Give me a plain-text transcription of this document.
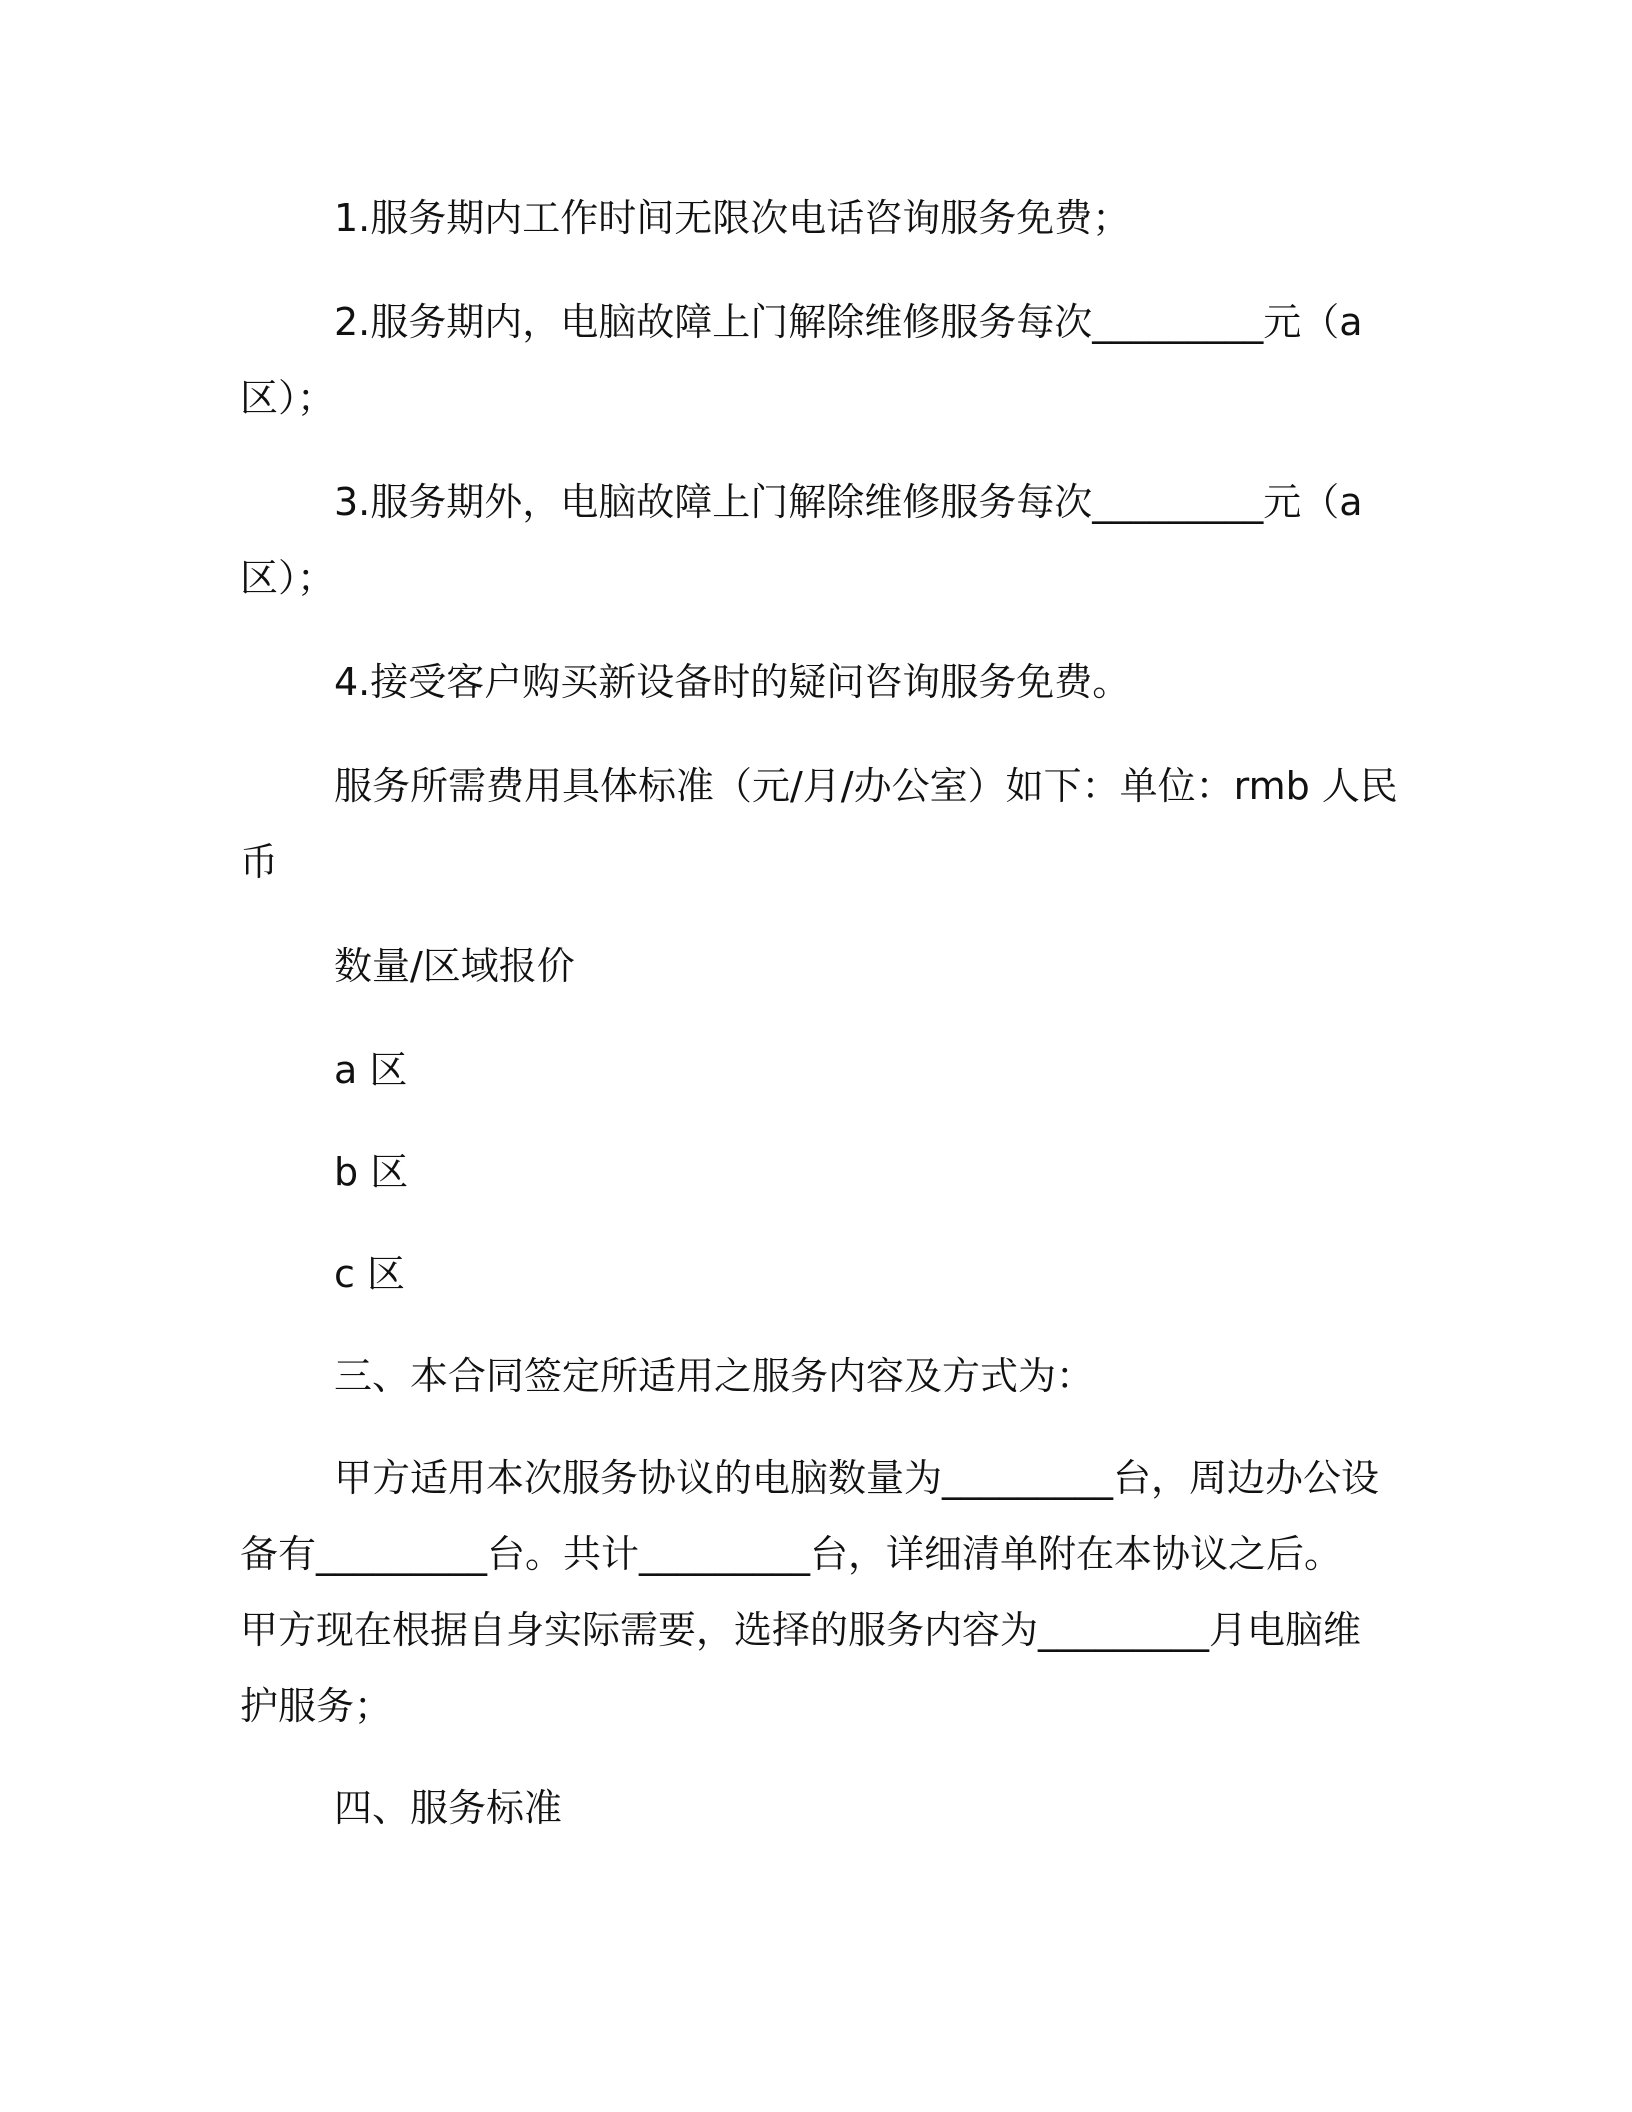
1.服务期内工作时间无限次电话咨询服务免费；
2.服务期内，电脑故障上门解除维修服务每次_________元（a
区）；
3.服务期外，电脑故障上门解除维修服务每次_________元（a
区）；
4.接受客户购买新设备时的疑问咨询服务免费。
服务所需费用具体标准（元/月/办公室）如下：单位：rmb 人民
币
数量/区域报价
a 区
b 区
c 区
三、本合同签定所适用之服务内容及方式为：
甲方适用本次服务协议的电脑数量为_________台，周边办公设
备有_________台。共计_________台，详细清单附在本协议之后。
甲方现在根据自身实际需要，选择的服务内容为_________月电脑维
护服务；
四、服务标准
